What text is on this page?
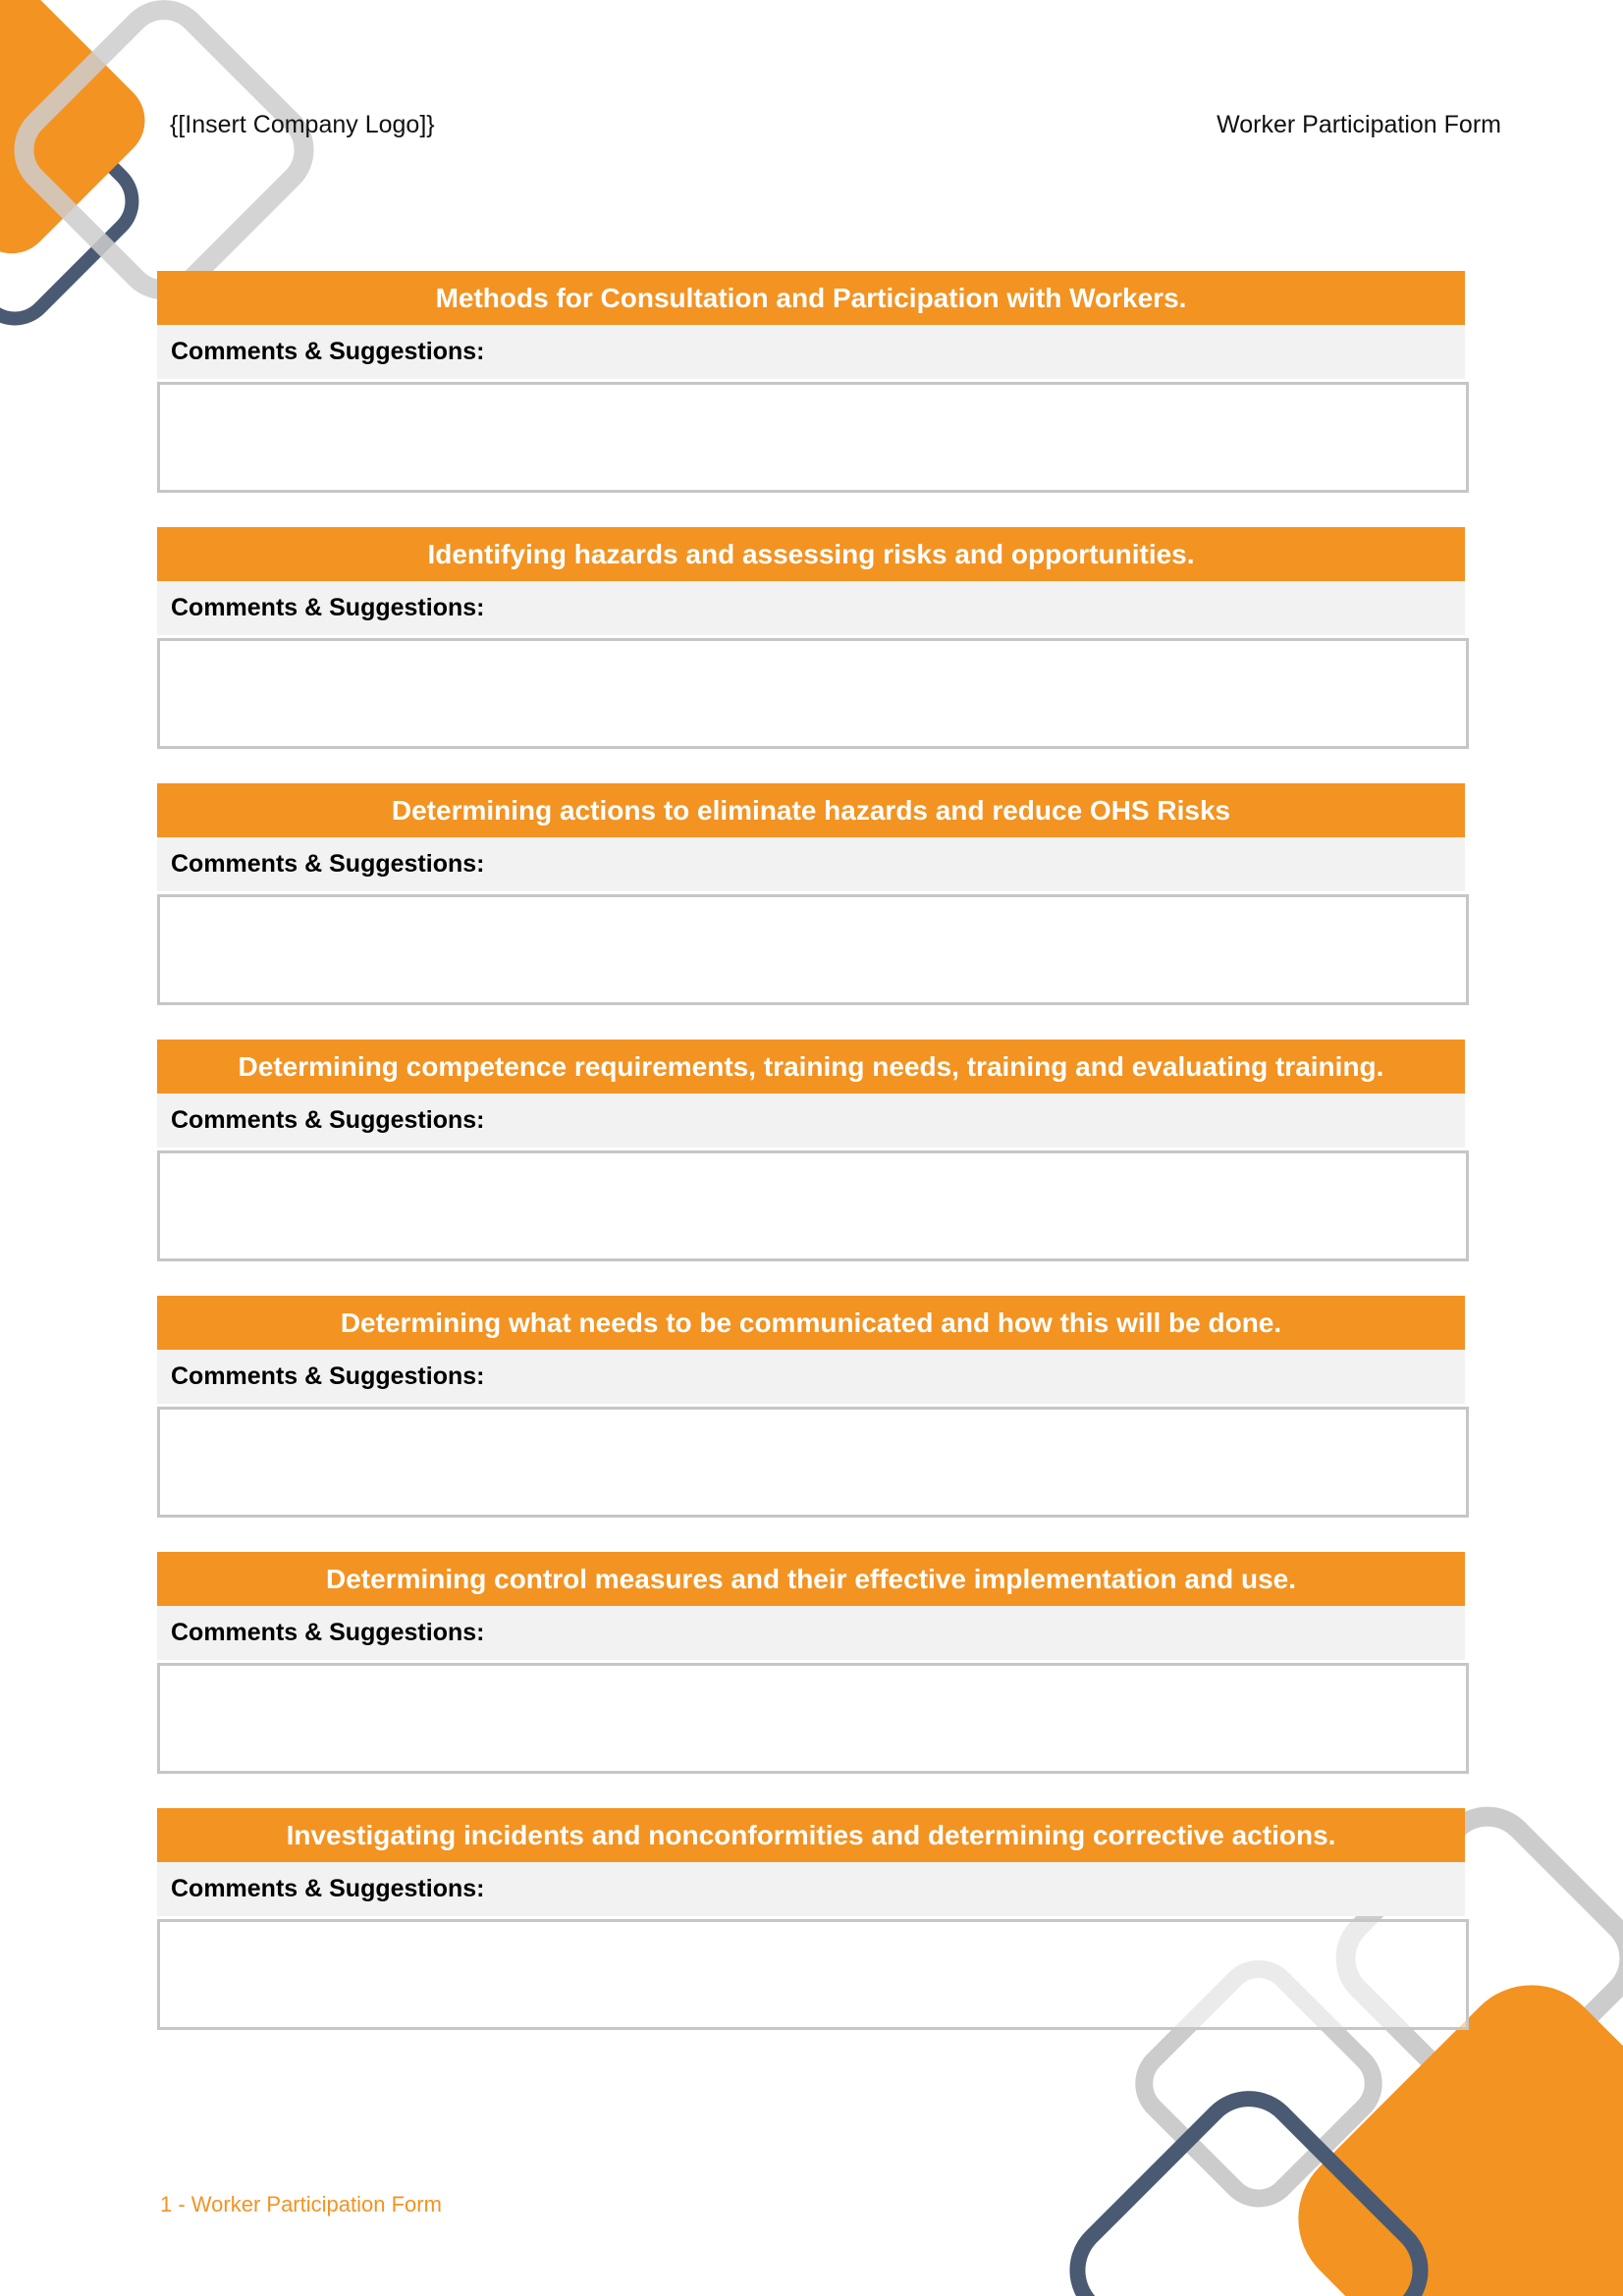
{[Insert Company Logo]}	Worker Participation Form
Methods for Consultation and Participation with Workers.
Comments & Suggestions:
Identifying hazards and assessing risks and opportunities.
Comments & Suggestions:
Determining actions to eliminate hazards and reduce OHS Risks
Comments & Suggestions:
Determining competence requirements, training needs, training and evaluating training.
Comments & Suggestions:
Determining what needs to be communicated and how this will be done.
Comments & Suggestions:
Determining control measures and their effective implementation and use.
Comments & Suggestions:
Investigating incidents and nonconformities and determining corrective actions.
Comments & Suggestions:
1 - Worker Participation Form
